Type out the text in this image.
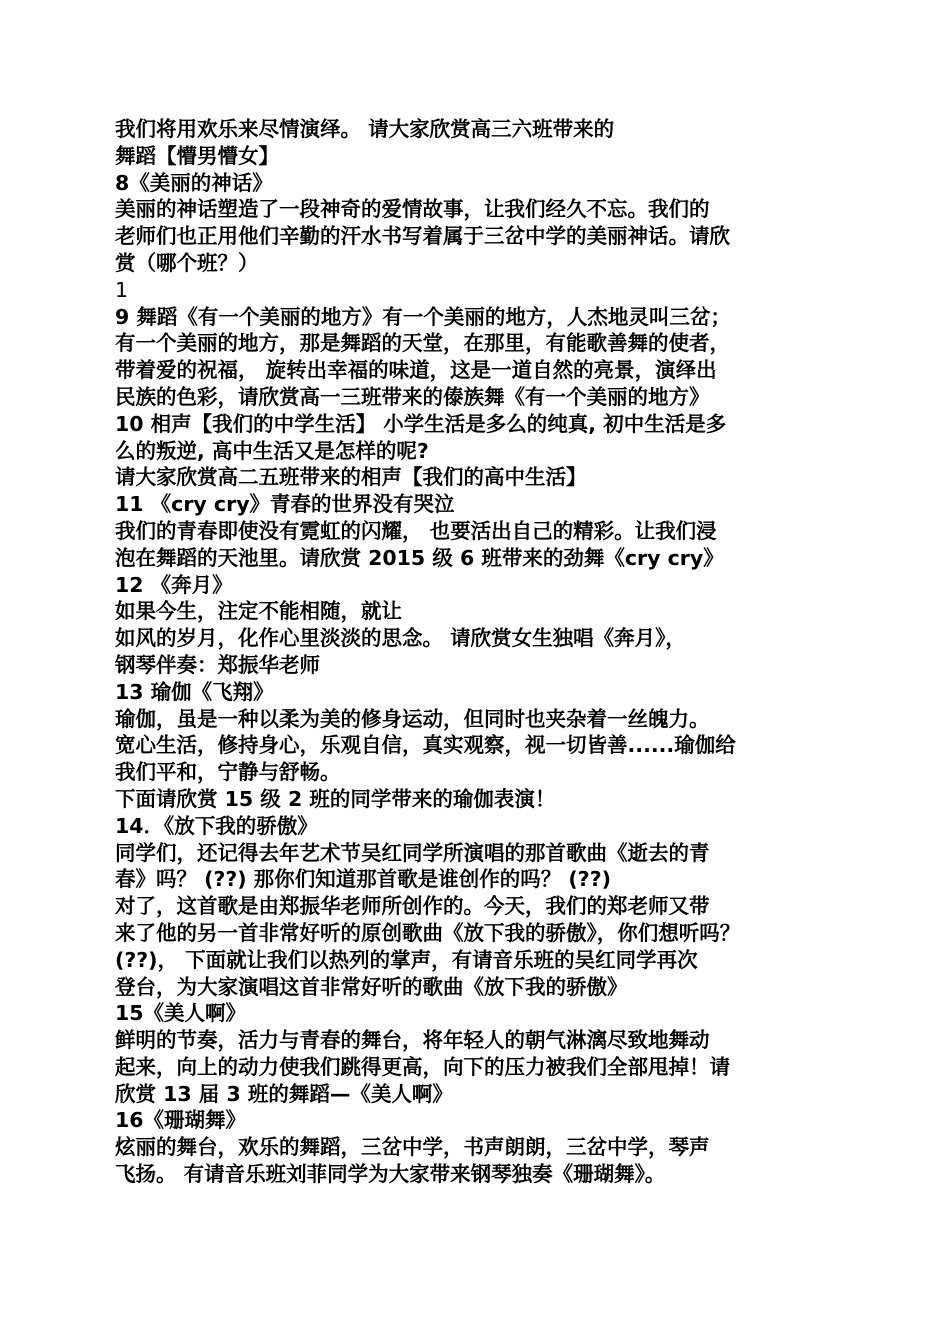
我们将用欢乐来尽情演绎。 请大家欣赏高三六班带来的
舞蹈【懵男懵女】
8《美丽的神话》
美丽的神话塑造了一段神奇的爱情故事，让我们经久不忘。我们的
老师们也正用他们辛勤的汗水书写着属于三岔中学的美丽神话。请欣
赏（哪个班？）
1
9 舞蹈《有一个美丽的地方》有一个美丽的地方，人杰地灵叫三岔；
有一个美丽的地方，那是舞蹈的天堂，在那里，有能歌善舞的使者，
带着爱的祝福， 旋转出幸福的味道，这是一道自然的亮景，演绎出
民族的色彩，请欣赏高一三班带来的傣族舞《有一个美丽的地方》
10 相声【我们的中学生活】 小学生活是多么的纯真, 初中生活是多
么的叛逆, 高中生活又是怎样的呢?
请大家欣赏高二五班带来的相声【我们的高中生活】
11 《cry cry》青春的世界没有哭泣
我们的青春即使没有霓虹的闪耀， 也要活出自己的精彩。让我们浸
泡在舞蹈的天池里。请欣赏 2015 级 6 班带来的劲舞《cry cry》
12 《奔月》
如果今生，注定不能相随，就让
如风的岁月，化作心里淡淡的思念。 请欣赏女生独唱《奔月》，
钢琴伴奏：郑振华老师
13 瑜伽《飞翔》
瑜伽，虽是一种以柔为美的修身运动，但同时也夹杂着一丝魄力。
宽心生活，修持身心，乐观自信，真实观察，视一切皆善......瑜伽给
我们平和，宁静与舒畅。
下面请欣赏 15 级 2 班的同学带来的瑜伽表演！
14．《放下我的骄傲》
同学们，还记得去年艺术节吴红同学所演唱的那首歌曲《逝去的青
春》吗？ (??) 那你们知道那首歌是谁创作的吗？ (??)
对了，这首歌是由郑振华老师所创作的。今天，我们的郑老师又带
来了他的另一首非常好听的原创歌曲《放下我的骄傲》，你们想听吗？
(??)， 下面就让我们以热列的掌声，有请音乐班的吴红同学再次
登台，为大家演唱这首非常好听的歌曲《放下我的骄傲》
15《美人啊》
鲜明的节奏，活力与青春的舞台，将年轻人的朝气淋漓尽致地舞动
起来，向上的动力使我们跳得更高，向下的压力被我们全部甩掉！请
欣赏 13 届 3 班的舞蹈—《美人啊》
16《珊瑚舞》
炫丽的舞台，欢乐的舞蹈，三岔中学，书声朗朗，三岔中学，琴声
飞扬。 有请音乐班刘菲同学为大家带来钢琴独奏《珊瑚舞》。
